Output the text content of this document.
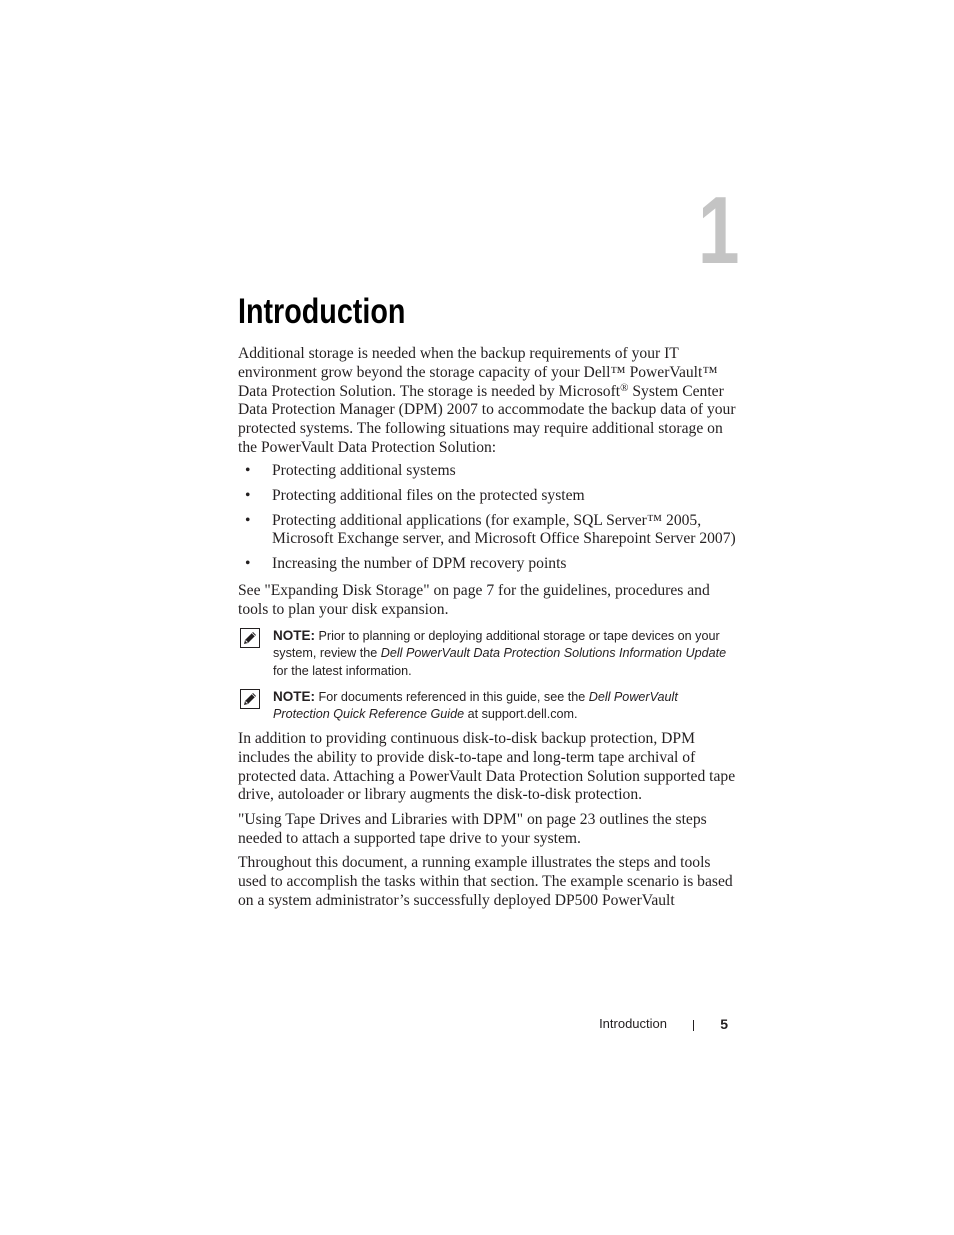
1
Introduction

Additional storage is needed when the backup requirements of your IT environment grow beyond the storage capacity of your Dell™ PowerVault™ Data Protection Solution. The storage is needed by Microsoft® System Center Data Protection Manager (DPM) 2007 to accommodate the backup data of your protected systems. The following situations may require additional storage on the PowerVault Data Protection Solution:

• Protecting additional systems
• Protecting additional files on the protected system
• Protecting additional applications (for example, SQL Server™ 2005, Microsoft Exchange server, and Microsoft Office Sharepoint Server 2007)
• Increasing the number of DPM recovery points

See "Expanding Disk Storage" on page 7 for the guidelines, procedures and tools to plan your disk expansion.

NOTE: Prior to planning or deploying additional storage or tape devices on your system, review the Dell PowerVault Data Protection Solutions Information Update for the latest information.

NOTE: For documents referenced in this guide, see the Dell PowerVault Protection Quick Reference Guide at support.dell.com.

In addition to providing continuous disk-to-disk backup protection, DPM includes the ability to provide disk-to-tape and long-term tape archival of protected data. Attaching a PowerVault Data Protection Solution supported tape drive, autoloader or library augments the disk-to-disk protection.

"Using Tape Drives and Libraries with DPM" on page 23 outlines the steps needed to attach a supported tape drive to your system.

Throughout this document, a running example illustrates the steps and tools used to accomplish the tasks within that section. The example scenario is based on a system administrator’s successfully deployed DP500 PowerVault

Introduction	5
